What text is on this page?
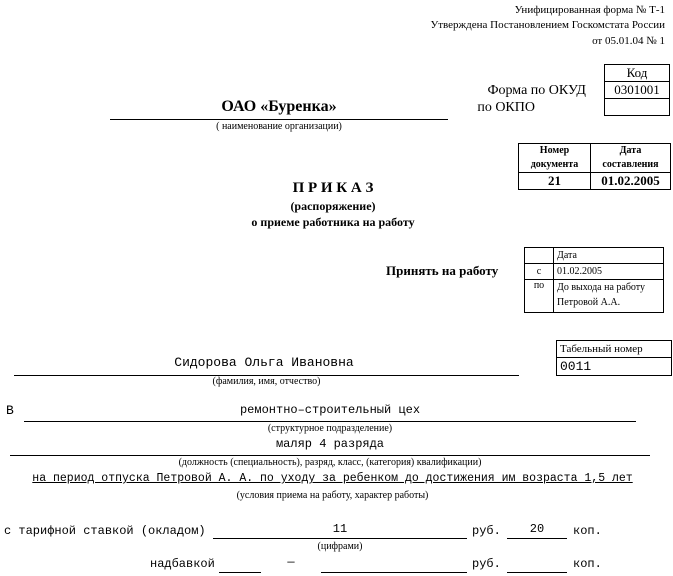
Унифицированная форма № Т-1
Утверждена Постановлением Госкомстата России
от 05.01.04 № 1
Код
0301001

Форма по ОКУД
по ОКПО
ОАО «Буренка»
( наименование организации)
Номер документа	Дата составления
21	01.02.2005
П Р И К А З
(распоряжение)
о приеме работника на работу
Принять на работу
	Дата
с	01.02.2005
по	До выхода на работу
Петровой А.А.
Сидорова Ольга Ивановна
(фамилия, имя, отчество)
Табельный номер
0011
В	ремонтно–строительный цех
(структурное подразделение)
маляр 4 разряда
(должность (специальность), разряд, класс, (категория) квалификации)
на период отпуска Петровой А. А. по уходу за ребенком до достижения им возраста 1,5 лет
(условия приема на работу, характер работы)
с тарифной ставкой (окладом)	11	руб.	20	коп.
(цифрами)
надбавкой	—	руб.	коп.
